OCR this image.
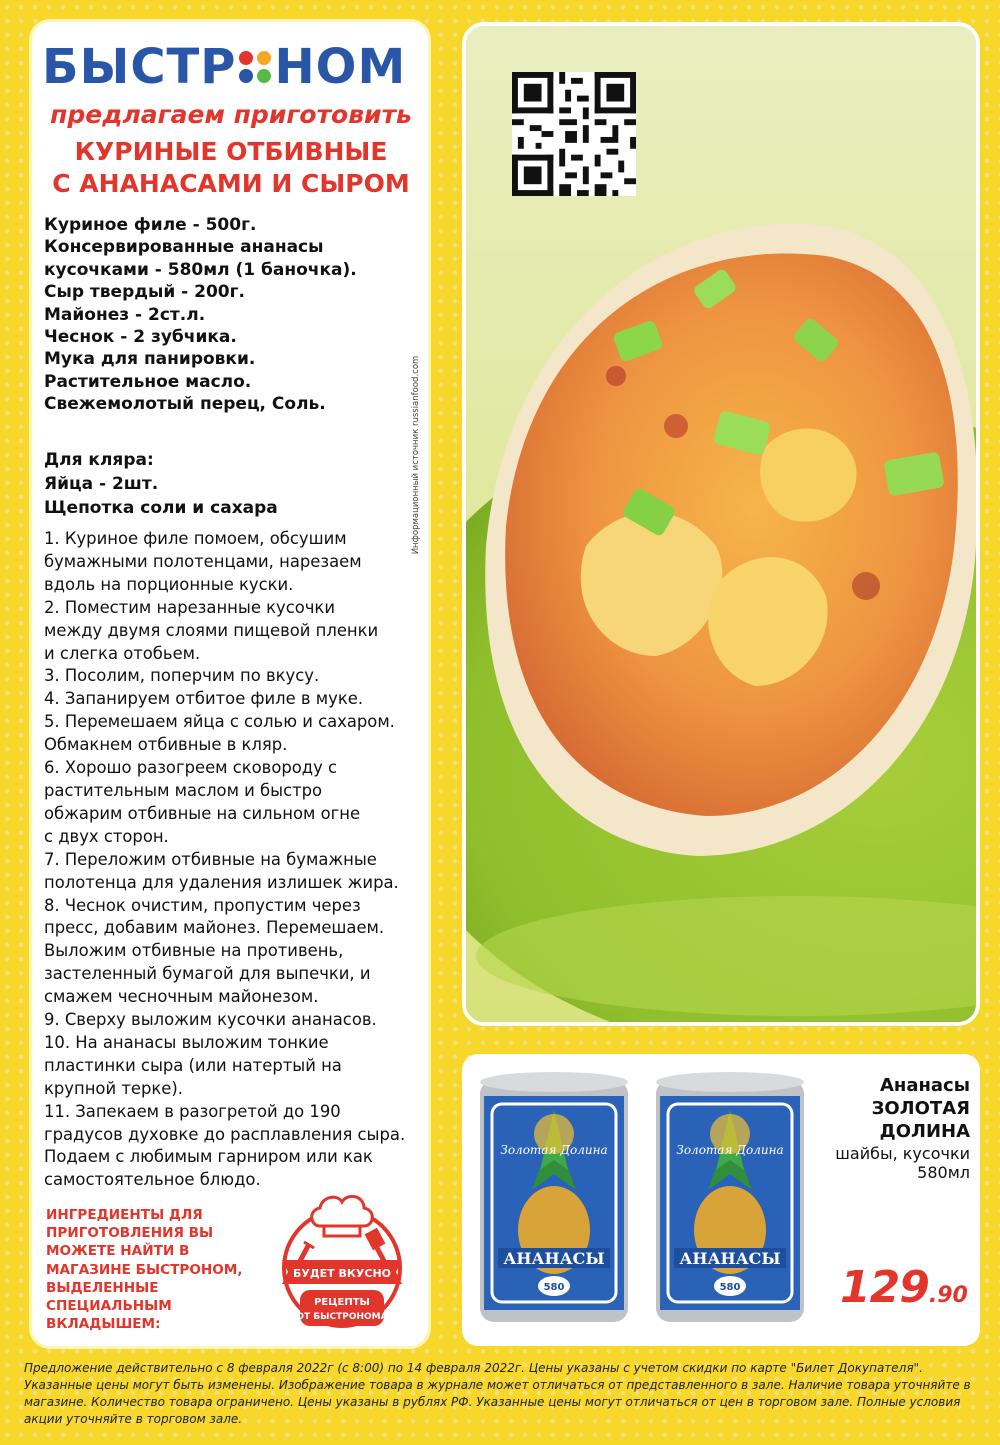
БЫСТР НОМ
предлагаем приготовить
КУРИНЫЕ ОТБИВНЫЕ
С АНАНАСАМИ И СЫРОМ
Куриное филе - 500г.
Консервированные ананасы
кусочками - 580мл (1 баночка).
Сыр твердый - 200г.
Майонез - 2ст.л.
Чеснок - 2 зубчика.
Мука для панировки.
Растительное масло.
Свежемолотый перец, Соль.
Для кляра:
Яйца - 2шт.
Щепотка соли и сахара
1. Куриное филе помоем, обсушим
бумажными полотенцами, нарезаем
вдоль на порционные куски.
2. Поместим нарезанные кусочки
между двумя слоями пищевой пленки
и слегка отобьем.
3. Посолим, поперчим по вкусу.
4. Запанируем отбитое филе в муке.
5. Перемешаем яйца с солью и сахаром.
Обмакнем отбивные в кляр.
6. Хорошо разогреем сковороду с
растительным маслом и быстро
обжарим отбивные на сильном огне
с двух сторон.
7. Переложим отбивные на бумажные
полотенца для удаления излишек жира.
8. Чеснок очистим, пропустим через
пресс, добавим майонез. Перемешаем.
Выложим отбивные на противень,
застеленный бумагой для выпечки, и
смажем чесночным майонезом.
9. Сверху выложим кусочки ананасов.
10. На ананасы выложим тонкие
пластинки сыра (или натертый на
крупной терке).
11. Запекаем в разогретой до 190
градусов духовке до расплавления сыра.
Подаем с любимым гарниром или как
самостоятельное блюдо.
Информационный источник russianfood.com
ИНГРЕДИЕНТЫ ДЛЯ
ПРИГОТОВЛЕНИЯ ВЫ
МОЖЕТЕ НАЙТИ В
МАГАЗИНЕ БЫСТРОНОМ,
ВЫДЕЛЕННЫЕ
СПЕЦИАЛЬНЫМ
ВКЛАДЫШЕМ:
БУДЕТ ВКУСНО
РЕЦЕПТЫ
ОТ БЫСТРОНОМА
Золотая Долина
АНАНАСЫ
580
Золотая Долина
АНАНАСЫ
580
Ананасы
ЗОЛОТАЯ
ДОЛИНА
шайбы, кусочки
580мл
129.90
Предложение действительно с 8 февраля 2022г (с 8:00) по 14 февраля 2022г. Цены указаны с учетом скидки по карте "Билет Докупателя". Указанные цены могут быть изменены. Изображение товара в журнале может отличаться от представленного в зале. Наличие товара уточняйте в магазине. Количество товара ограничено. Цены указаны в рублях РФ. Указанные цены могут отличаться от цен в торговом зале. Полные условия акции уточняйте в торговом зале.
